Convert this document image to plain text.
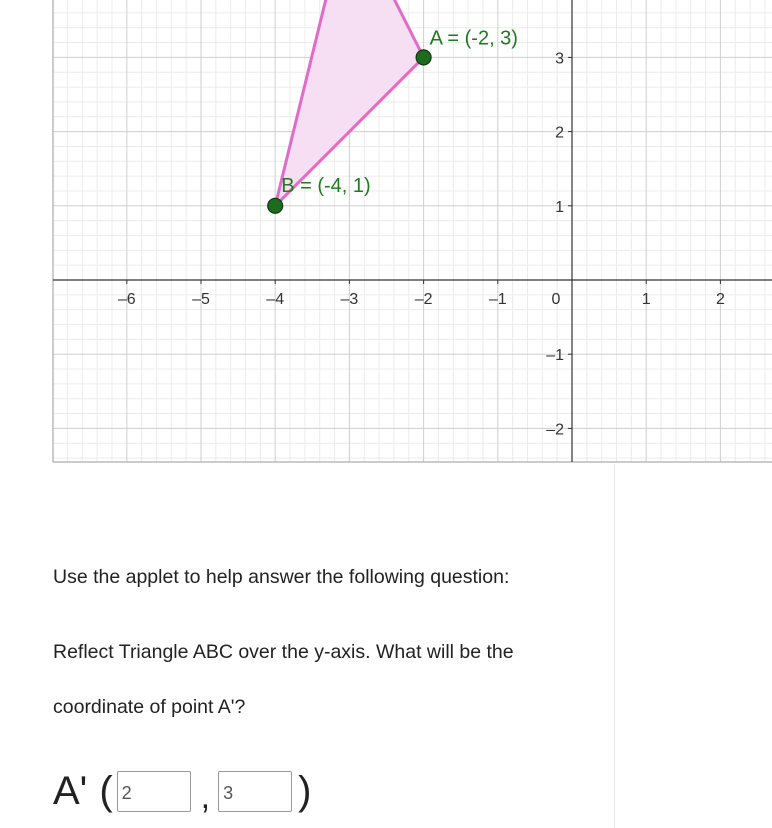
–6	–5	–4	–3	–2	–1	0	1	2
3
2
1
–1
–2
A = (-2, 3)
B = (-4, 1)

Use the applet to help answer the following question:

Reflect Triangle ABC over the y-axis. What will be the

coordinate of point A'?

A' (
2	,
3 )
